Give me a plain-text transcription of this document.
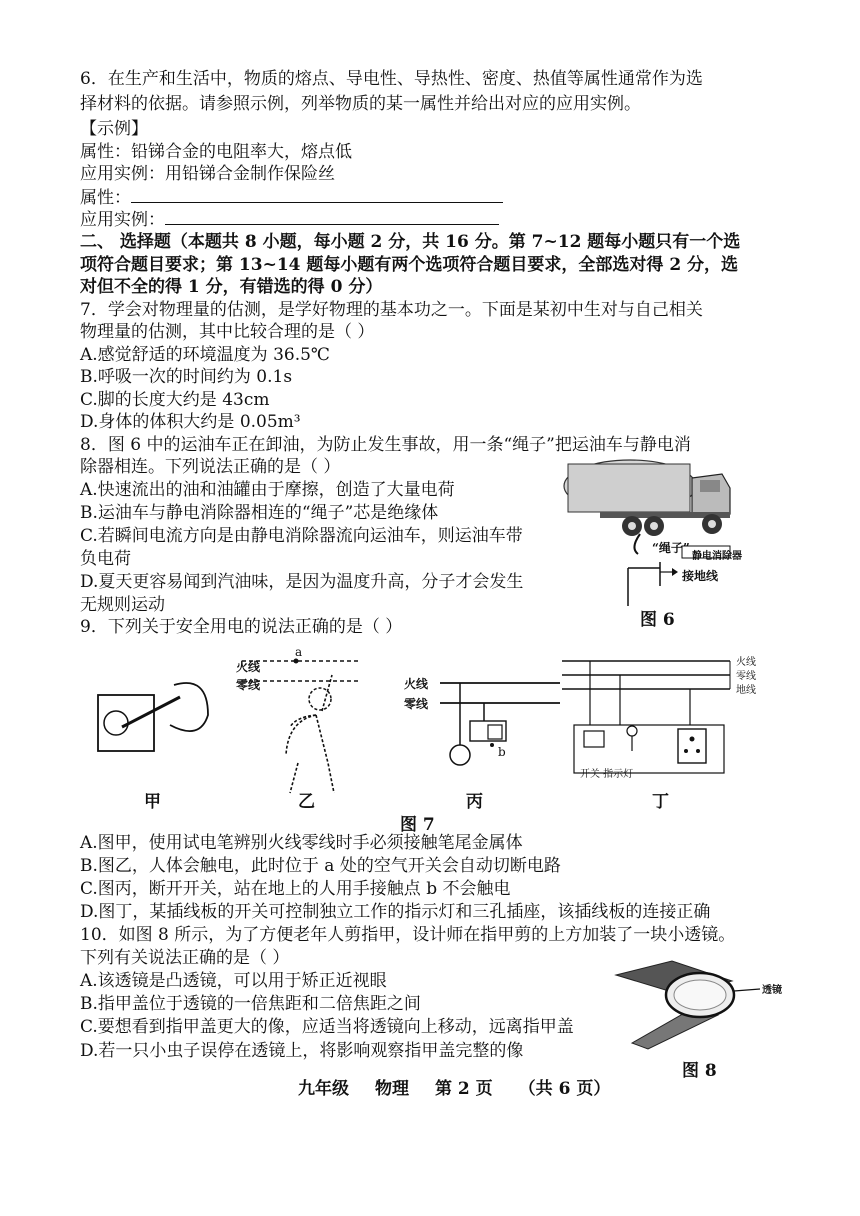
6．在生产和生活中，物质的熔点、导电性、导热性、密度、热值等属性通常作为选
择材料的依据。请参照示例，列举物质的某一属性并给出对应的应用实例。
【示例】
属性：铅锑合金的电阻率大，熔点低
应用实例：用铅锑合金制作保险丝
属性：
应用实例：
二、 选择题（本题共 8 小题，每小题 2 分，共 16 分。第 7~12 题每小题只有一个选
项符合题目要求；第 13~14 题每小题有两个选项符合题目要求，全部选对得 2 分，选
对但不全的得 1 分，有错选的得 0 分）
7．学会对物理量的估测，是学好物理的基本功之一。下面是某初中生对与自己相关
物理量的估测，其中比较合理的是（ ）
A.感觉舒适的环境温度为 36.5℃
B.呼吸一次的时间约为 0.1s
C.脚的长度大约是 43cm
D.身体的体积大约是 0.05m³
8．图 6 中的运油车正在卸油，为防止发生事故，用一条“绳子”把运油车与静电消
除器相连。下列说法正确的是（ ）
A.快速流出的油和油罐由于摩擦，创造了大量电荷
B.运油车与静电消除器相连的“绳子”芯是绝缘体
C.若瞬间电流方向是由静电消除器流向运油车，则运油车带
负电荷
D.夏天更容易闻到汽油味，是因为温度升高，分子才会发生
无规则运动
“绳子”
静电消除器
接地线
图 6
9．下列关于安全用电的说法正确的是（ ）
火线
零线
a
火线
零线
b
火线
零线
地线
开关 指示灯
甲	乙	丙	丁
图 7
A.图甲，使用试电笔辨别火线零线时手必须接触笔尾金属体
B.图乙，人体会触电，此时位于 a 处的空气开关会自动切断电路
C.图丙，断开开关，站在地上的人用手接触点 b 不会触电
D.图丁，某插线板的开关可控制独立工作的指示灯和三孔插座，该插线板的连接正确
10．如图 8 所示，为了方便老年人剪指甲，设计师在指甲剪的上方加装了一块小透镜。
下列有关说法正确的是（ ）
A.该透镜是凸透镜，可以用于矫正近视眼
B.指甲盖位于透镜的一倍焦距和二倍焦距之间
C.要想看到指甲盖更大的像，应适当将透镜向上移动，远离指甲盖
D.若一只小虫子误停在透镜上，将影响观察指甲盖完整的像
透镜
图 8
九年级 物理 第 2 页 （共 6 页）
